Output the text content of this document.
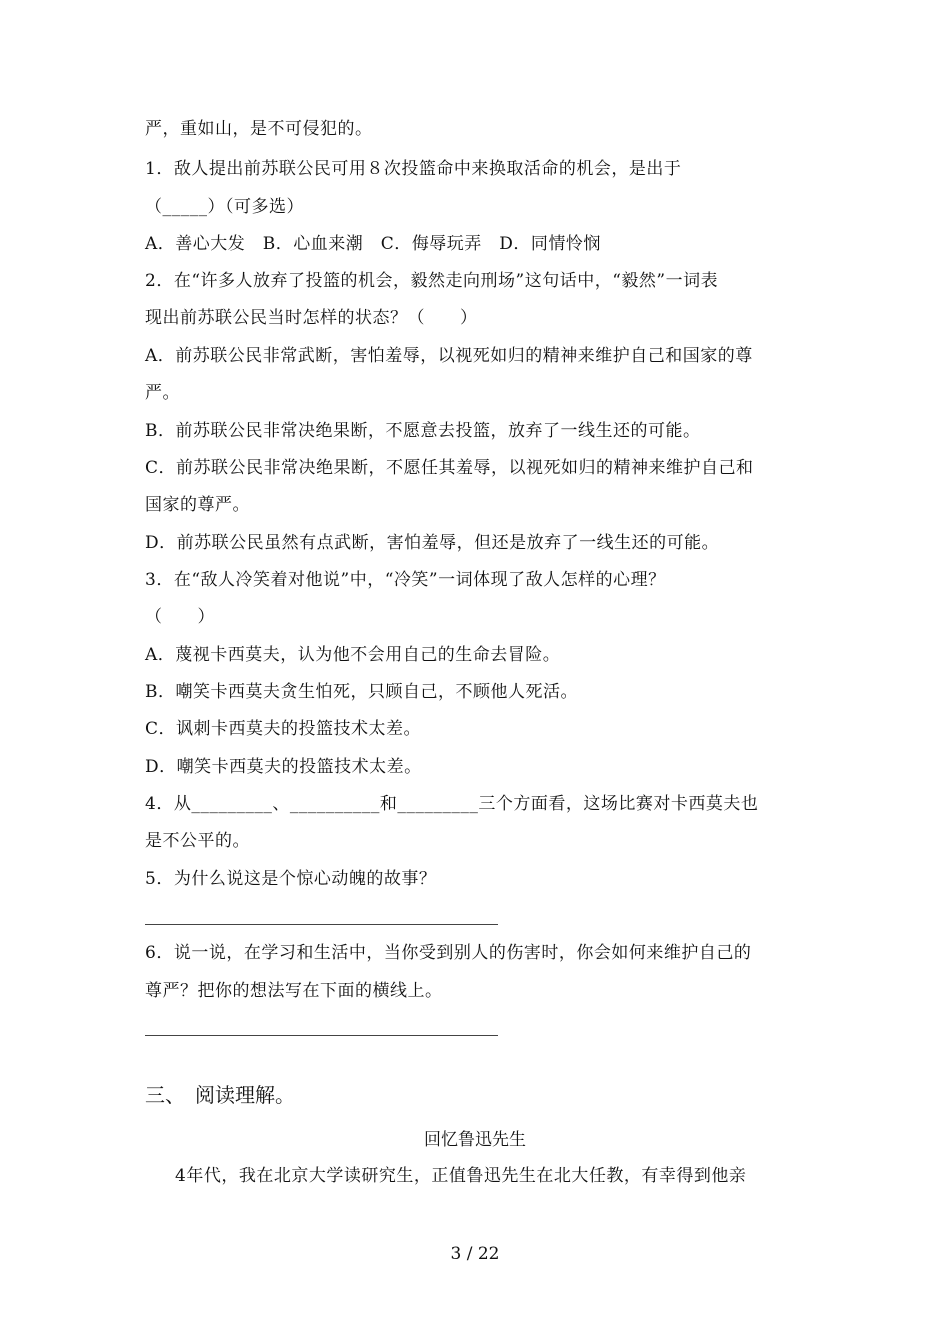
严，重如山，是不可侵犯的。
1．敌人提出前苏联公民可用８次投篮命中来换取活命的机会，是出于
（_____）（可多选）
A．善心大发　B．心血来潮　C．侮辱玩弄　D．同情怜悯
2．在“许多人放弃了投篮的机会，毅然走向刑场”这句话中，“毅然”一词表
现出前苏联公民当时怎样的状态？（　　）
A．前苏联公民非常武断，害怕羞辱，以视死如归的精神来维护自己和国家的尊
严。
B．前苏联公民非常决绝果断，不愿意去投篮，放弃了一线生还的可能。
C．前苏联公民非常决绝果断，不愿任其羞辱，以视死如归的精神来维护自己和
国家的尊严。
D．前苏联公民虽然有点武断，害怕羞辱，但还是放弃了一线生还的可能。
3．在“敌人冷笑着对他说”中，“冷笑”一词体现了敌人怎样的心理？
（　　）
A．蔑视卡西莫夫，认为他不会用自己的生命去冒险。
B．嘲笑卡西莫夫贪生怕死，只顾自己，不顾他人死活。
C．讽刺卡西莫夫的投篮技术太差。
D．嘲笑卡西莫夫的投篮技术太差。
4．从_________、__________和_________三个方面看，这场比赛对卡西莫夫也
是不公平的。
5．为什么说这是个惊心动魄的故事？
6．说一说，在学习和生活中，当你受到别人的伤害时，你会如何来维护自己的
尊严？把你的想法写在下面的横线上。
三、　阅读理解。
回忆鲁迅先生
4年代，我在北京大学读研究生，正值鲁迅先生在北大任教，有幸得到他亲
3 / 22
